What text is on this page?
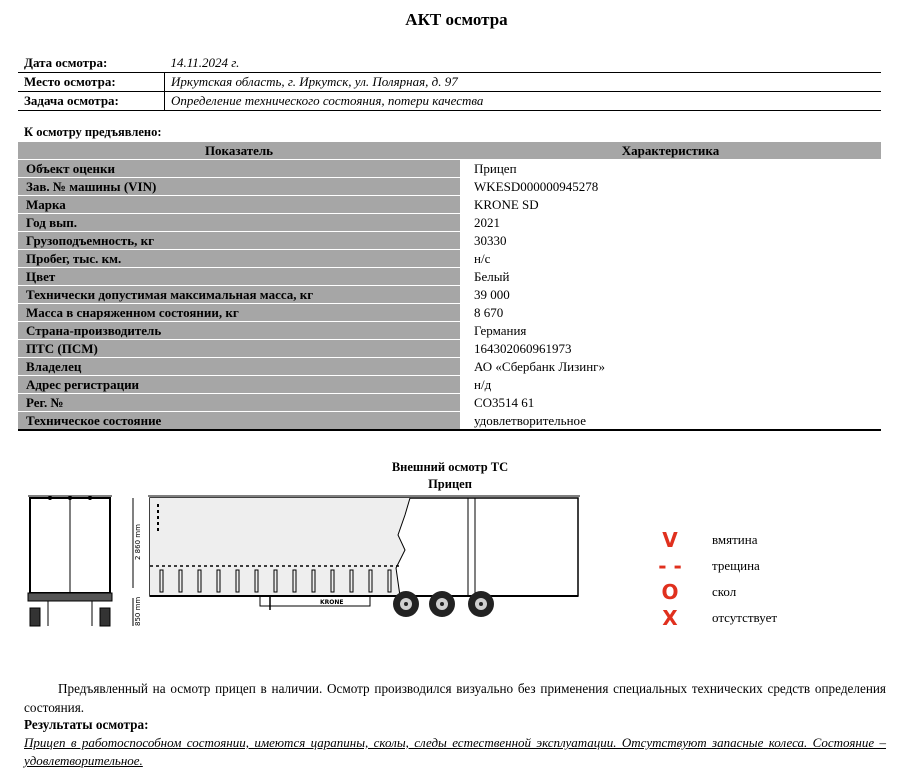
АКТ осмотра
Дата осмотра:	14.11.2024 г.
Место осмотра:	Иркутская область, г. Иркутск, ул. Полярная, д. 97
Задача осмотра:	Определение технического состояния, потери качества
К осмотру предъявлено:
Показатель	Характеристика
Объект оценки	Прицеп
Зав. № машины (VIN)	WKESD000000945278
Марка	KRONE SD
Год вып.	2021
Грузоподъемность, кг	30330
Пробег, тыс. км.	н/с
Цвет	Белый
Технически допустимая максимальная масса, кг	39 000
Масса в снаряженном состоянии, кг	8 670
Страна-производитель	Германия
ПТС (ПСМ)	164302060961973
Владелец	АО «Сбербанк Лизинг»
Адрес регистрации	н/д
Рег. №	СО3514 61
Техническое состояние	удовлетворительное
Внешний осмотр ТС
Прицеп
2 860 mm
850 mm	KRONE
V	вмятина
- -	трещина
O	скол
X	отсутствует
Предъявленный на осмотр прицеп в наличии. Осмотр производился визуально без применения специальных технических средств определения состояния.
Результаты осмотра:
Прицеп в работоспособном состоянии, имеются царапины, сколы, следы естественной эксплуатации. Отсутствуют запасные колеса. Состояние – удовлетворительное.
